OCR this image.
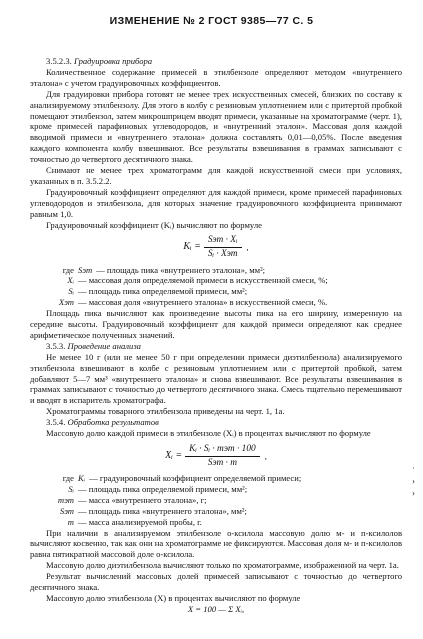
ИЗМЕНЕНИЕ № 2 ГОСТ 9385—77 С. 5

3.5.2.3. Градуировка прибора

Количественное содержание примесей в этилбензоле определяют методом «внутреннего эталона» с учетом градуировочных коэффициентов.

Для градуировки прибора готовят не менее трех искусственных смесей, близких по составу к анализируемому этилбензолу. Для этого в колбу с резиновым уплотнением или с притертой пробкой помещают этилбензол, затем микрошприцем вводят примеси, указанные на хроматограмме (черт. 1), кроме примесей парафиновых углеводородов, и «внутренний эталон». Массовая доля каждой вводимой примеси и «внутреннего эталона» должна составлять 0,01—0,05%. После введения каждого компонента колбу взвешивают. Все результаты взвешивания в граммах записывают с точностью до четвертого десятичного знака.

Снимают не менее трех хроматограмм для каждой искусственной смеси при условиях, указанных в п. 3.5.2.2.

Градуировочный коэффициент определяют для каждой примеси, кроме примесей парафиновых углеводородов и этилбензола, для которых значение градуировочного коэффициента принимают равным 1,0.

Градуировочный коэффициент (Kᵢ) вычисляют по формуле

Kᵢ = $\frac{\text{Sэт · Xᵢ}}{\text{Sᵢ · Xэт}}$ ,
где Sэт — площадь пика «внутреннего эталона», мм²;
Xᵢ — массовая доля определяемой примеси в искусственной смеси, %;
Sᵢ — площадь пика определяемой примеси, мм²;
Xэт — массовая доля «внутреннего эталона» в искусственной смеси, %.

Площадь пика вычисляют как произведение высоты пика на его ширину, измеренную на середине высоты. Градуировочный коэффициент для каждой примеси определяют как среднее арифметическое полученных значений.

3.5.3. Проведение анализа

Не менее 10 г (или не менее 50 г при определении примеси диэтилбензола) анализируемого этилбензола взвешивают в колбе с резиновым уплотнением или с притертой пробкой, затем добавляют 5—7 мм³ «внутреннего эталона» и снова взвешивают. Все результаты взвешивания в граммах записывают с точностью до четвертого десятичного знака. Смесь тщательно перемешивают и вводят в испаритель хроматографа.

Хроматограммы товарного этилбензола приведены на черт. 1, 1а.

3.5.4. Обработка результатов

Массовую долю каждой примеси в этилбензоле (Xᵢ) в процентах вычисляют по формуле

Xᵢ = $\frac{\text{Kᵢ · Sᵢ · mэт · 100}}{\text{Sэт · m}}$ ,
где Kᵢ — градуировочный коэффициент определяемой примеси;
Sᵢ — площадь пика определяемой примеси, мм²;
mэт — масса «внутреннего эталона», г;
Sэт — площадь пика «внутреннего эталона», мм²;
m — масса анализируемой пробы, г.

При наличии в анализируемом этилбензоле о-ксилола массовую долю м- и п-ксилолов вычисляют косвенно, так как они на хроматограмме не фиксируются. Массовая доля м- и п-ксилолов равна пятикратной массовой доле о-ксилола.

Массовую долю диэтилбензола вычисляют только по хроматограмме, изображенной на черт. 1а.

Результат вычислений массовых долей примесей записывают с точностью до четвертого десятичного знака.

Массовую долю этилбензола (X) в процентах вычисляют по формуле

X = 100 — Σ Xᵢ,

˙
›
›
